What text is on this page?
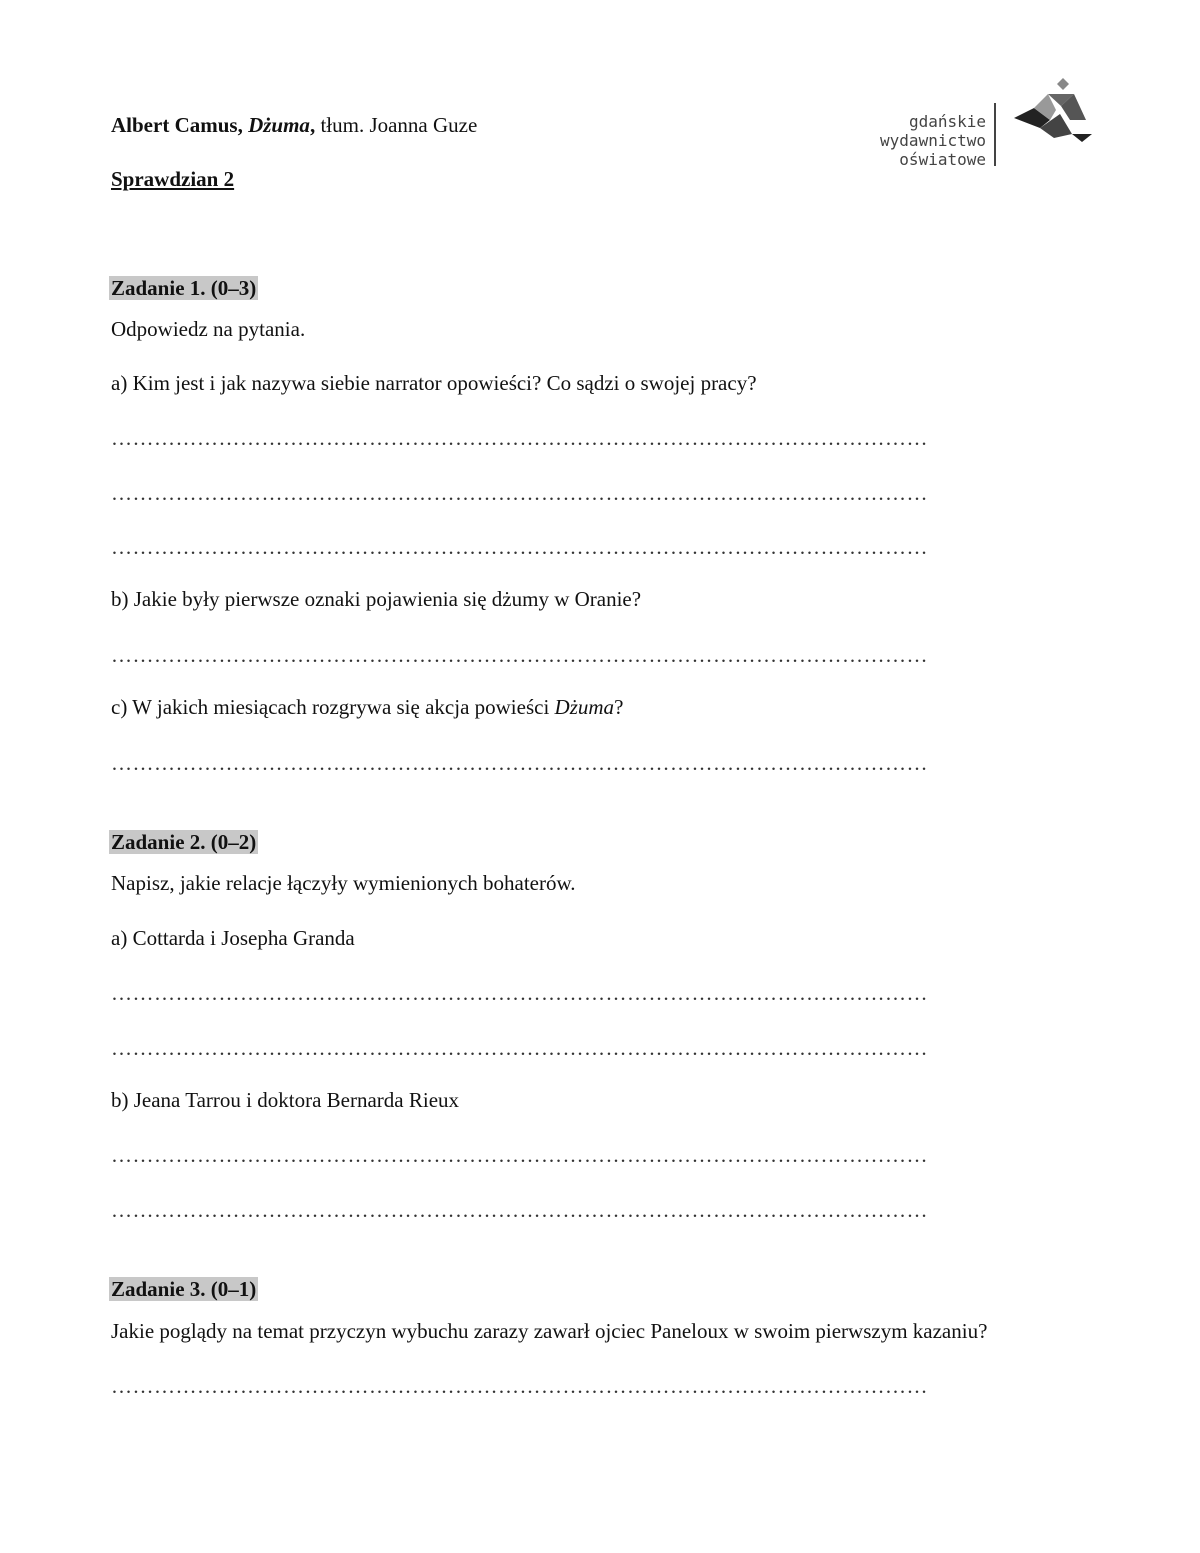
Albert Camus, Dżuma, tłum. Joanna Guze
Sprawdzian 2
gdańskie
wydawnictwo
oświatowe
Zadanie 1. (0–3)
Odpowiedz na pytania.
a) Kim jest i jak nazywa siebie narrator opowieści? Co sądzi o swojej pracy?
……………………………………………………………………………………………………
……………………………………………………………………………………………………
……………………………………………………………………………………………………
b) Jakie były pierwsze oznaki pojawienia się dżumy w Oranie?
……………………………………………………………………………………………………
c) W jakich miesiącach rozgrywa się akcja powieści Dżuma?
……………………………………………………………………………………………………
Zadanie 2. (0–2)
Napisz, jakie relacje łączyły wymienionych bohaterów.
a) Cottarda i Josepha Granda
……………………………………………………………………………………………………
……………………………………………………………………………………………………
b) Jeana Tarrou i doktora Bernarda Rieux
……………………………………………………………………………………………………
……………………………………………………………………………………………………
Zadanie 3. (0–1)
Jakie poglądy na temat przyczyn wybuchu zarazy zawarł ojciec Paneloux w swoim pierwszym kazaniu?
……………………………………………………………………………………………………
